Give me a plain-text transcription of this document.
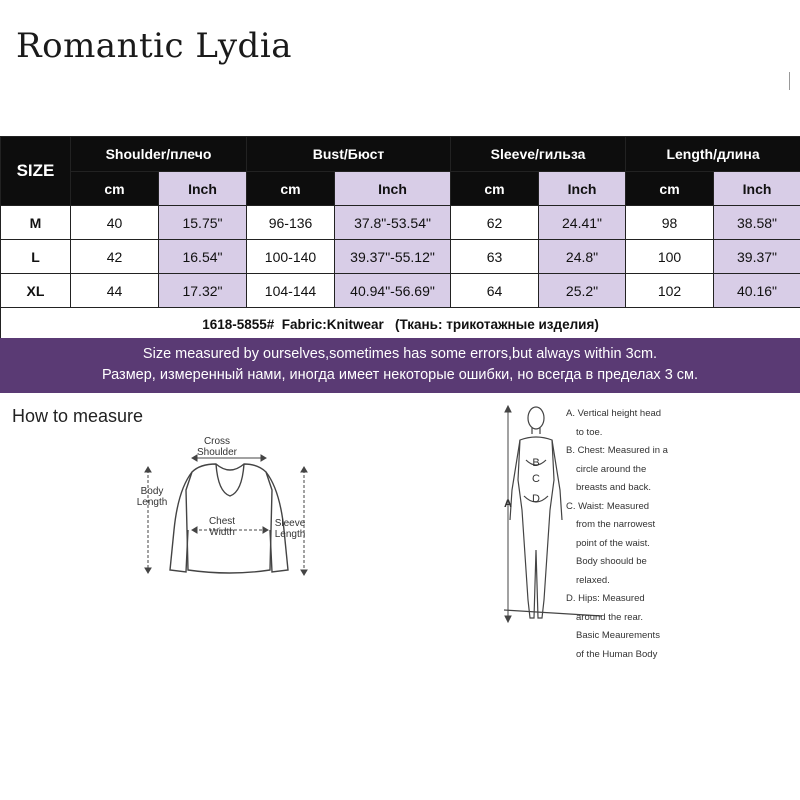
Romantic Lydia
SIZE	Shoulder/плечо		Bust/Бюст		Sleeve/гильза		Length/длина	
	cm	Inch	cm	Inch	cm	Inch	cm	Inch
M	40	15.75"	96-136	37.8"-53.54"	62	24.41"	98	38.58"
L	42	16.54"	100-140	39.37"-55.12"	63	24.8"	100	39.37"
XL	44	17.32"	104-144	40.94"-56.69"	64	25.2"	102	40.16"
1618-5855#  Fabric:Knitwear   (Ткань: трикотажные изделия)								
Size measured by ourselves,sometimes has some errors,but always within 3cm.
Размер, измеренный нами, иногда имеет некоторые ошибки, но всегда в пределах 3 см.
How to measure
Cross
Shoulder
Body
Length
Chest
Width
Sleeve
Length
A
B
C
D
A. Vertical height head
to toe.
B. Chest: Measured in a
circle around the
breasts and back.
C. Waist: Measured
from the narrowest
point of the waist.
Body shoould be
relaxed.
D. Hips: Measured
around the rear.
Basic Meaurements
of the Human Body
